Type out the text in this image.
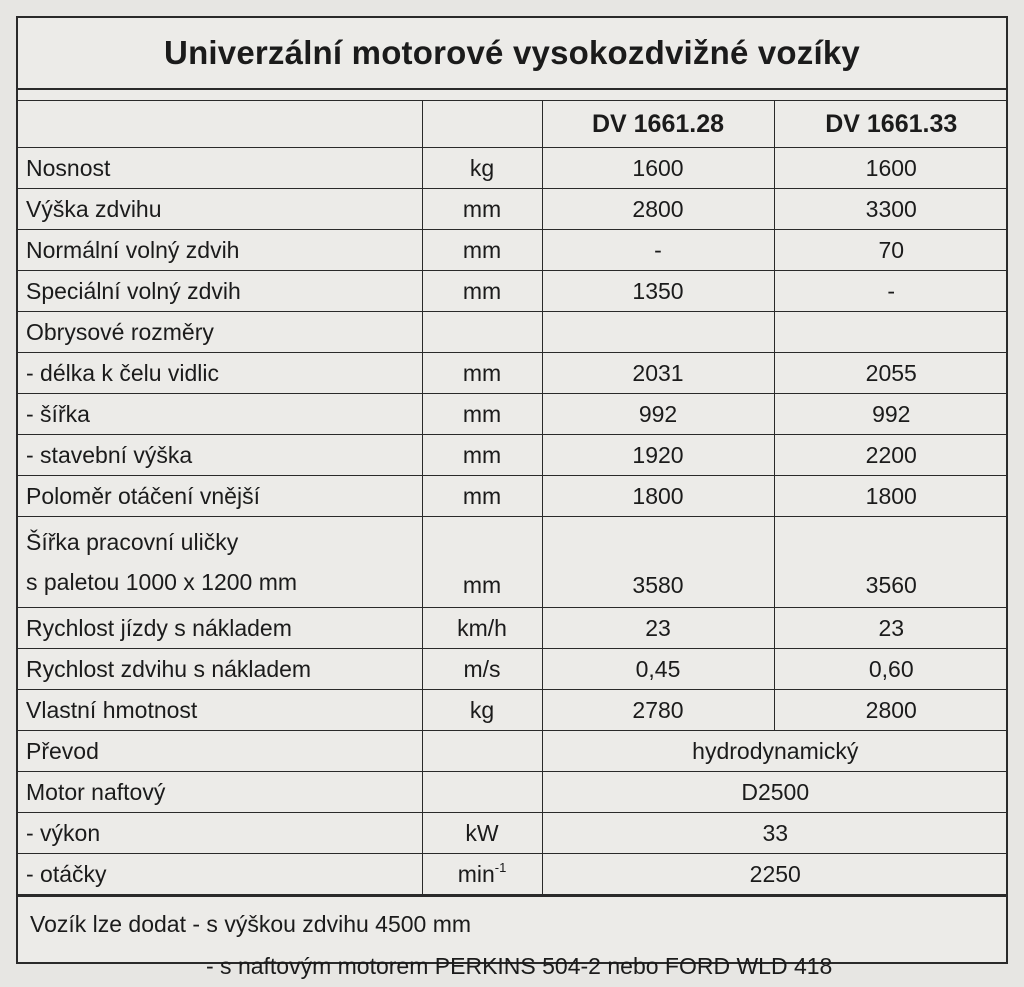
Univerzální motorové vysokozdvižné vozíky
		DV 1661.28	DV 1661.33
Nosnost	kg	1600	1600
Výška zdvihu	mm	2800	3300
Normální volný zdvih	mm	-	70
Speciální volný zdvih	mm	1350	-
Obrysové rozměry			
- délka k čelu vidlic	mm	2031	2055
- šířka	mm	992	992
- stavební výška	mm	1920	2200
Poloměr otáčení vnější	mm	1800	1800

Šířka pracovní uličky
s paletou 1000 x 1200 mm	mm	3580	3560
Rychlost jízdy s nákladem	km/h	23	23
Rychlost zdvihu s nákladem	m/s	0,45	0,60
Vlastní hmotnost	kg	2780	2800
Převod		hydrodynamický	
Motor naftový		D2500	
- výkon	kW	33	
- otáčky	$\min^{-1}$	2250	
Vozík lze dodat - s výškou zdvihu 4500 mm
- s naftovým motorem PERKINS 504-2 nebo FORD WLD 418
